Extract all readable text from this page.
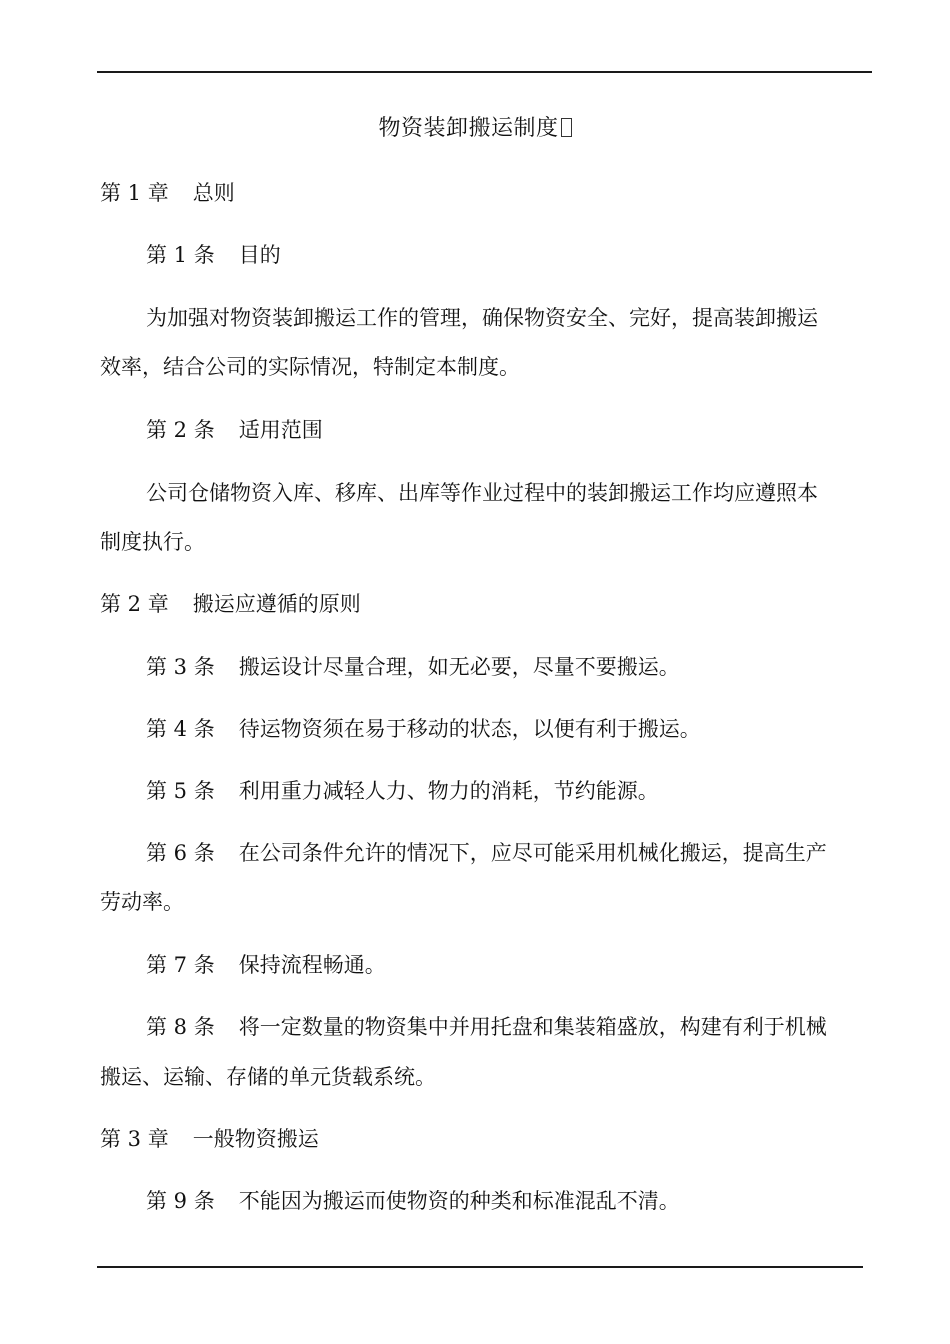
物资装卸搬运制度
第 1 章 总则
第 1 条 目的
为加强对物资装卸搬运工作的管理，确保物资安全、完好，提高装卸搬运
效率，结合公司的实际情况，特制定本制度。
第 2 条 适用范围
公司仓储物资入库、移库、出库等作业过程中的装卸搬运工作均应遵照本
制度执行。
第 2 章 搬运应遵循的原则
第 3 条 搬运设计尽量合理，如无必要，尽量不要搬运。
第 4 条 待运物资须在易于移动的状态，以便有利于搬运。
第 5 条 利用重力减轻人力、物力的消耗，节约能源。
第 6 条 在公司条件允许的情况下，应尽可能采用机械化搬运，提高生产
劳动率。
第 7 条 保持流程畅通。
第 8 条 将一定数量的物资集中并用托盘和集装箱盛放，构建有利于机械
搬运、运输、存储的单元货载系统。
第 3 章 一般物资搬运
第 9 条 不能因为搬运而使物资的种类和标准混乱不清。
